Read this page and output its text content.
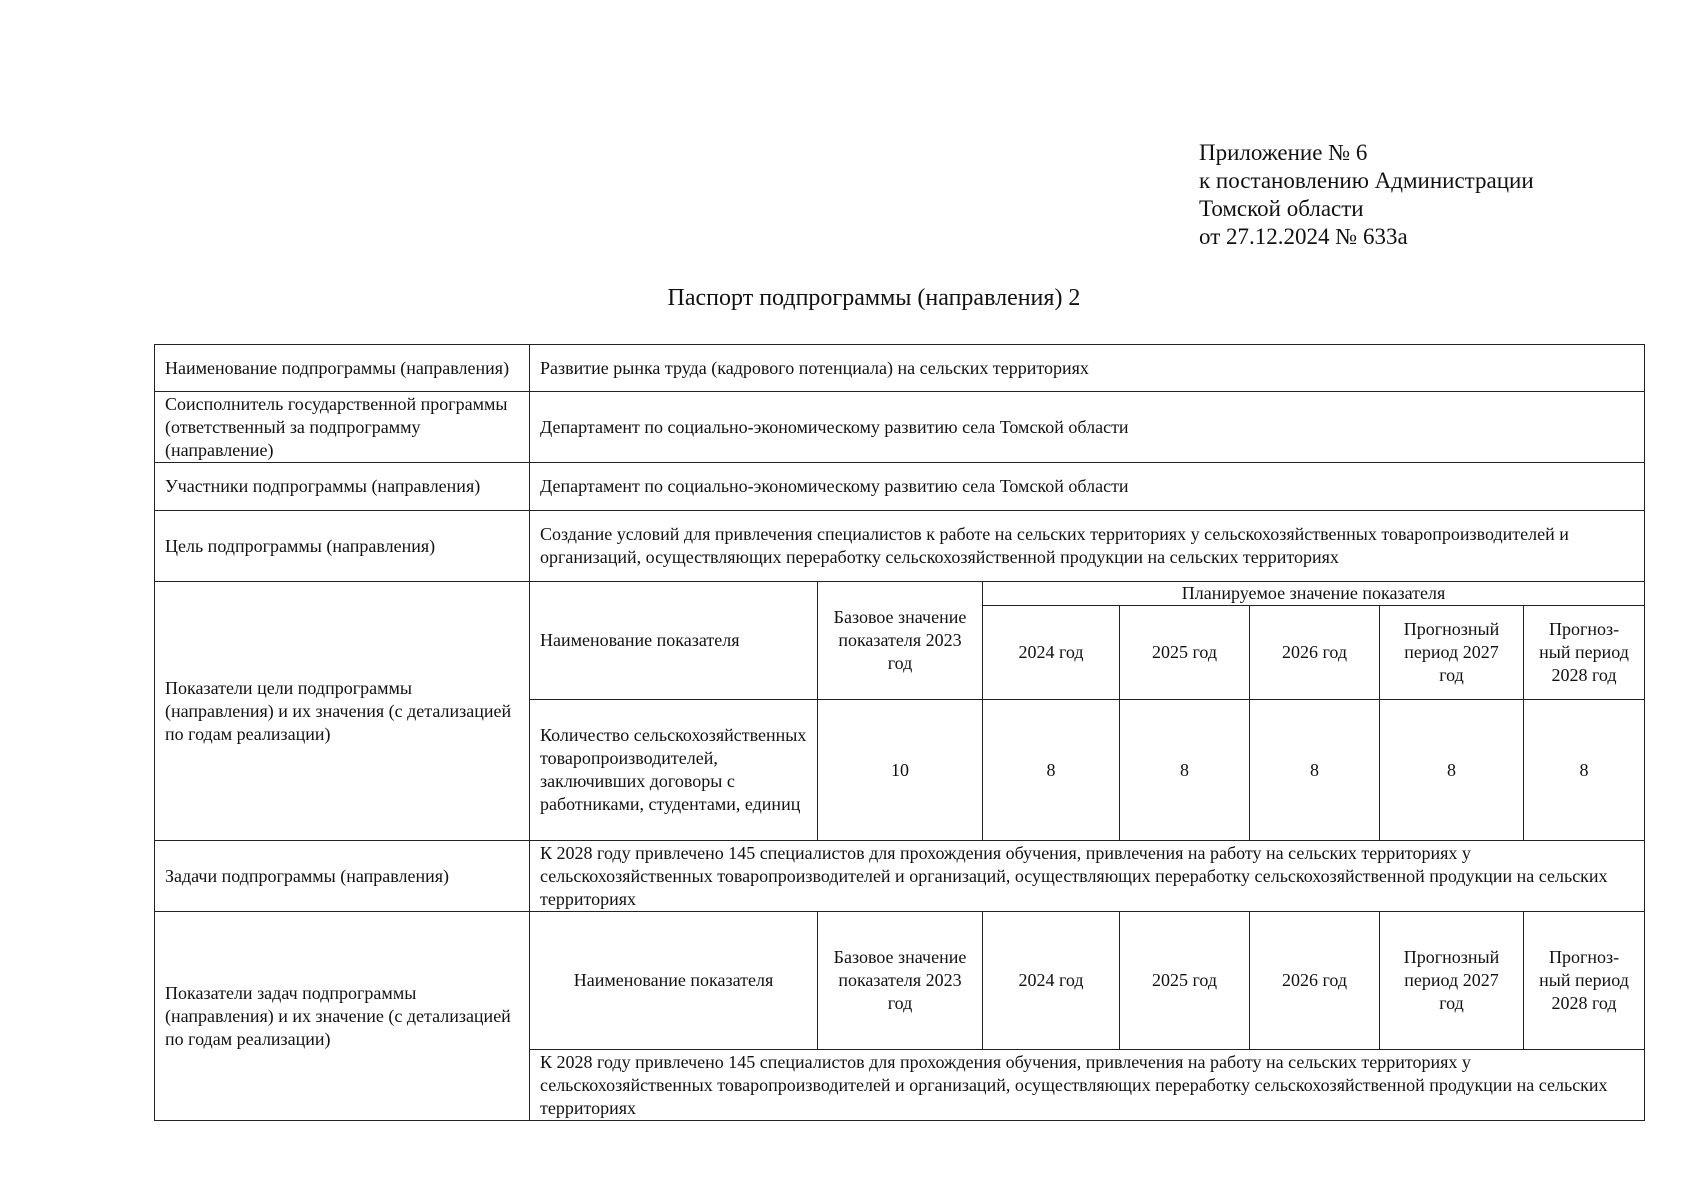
Приложение № 6
к постановлению Администрации
Томской области
от 27.12.2024 № 633а
Паспорт подпрограммы (направления) 2
Наименование подпрограммы (направления)	Развитие рынка труда (кадрового потенциала) на сельских территориях						
Соисполнитель государственной программы (ответственный за подпрограмму (направление)	Департамент по социально-экономическому развитию села Томской области						
Участники подпрограммы (направления)	Департамент по социально-экономическому развитию села Томской области						
Цель подпрограммы (направления)	Создание условий для привлечения специалистов к работе на сельских территориях у сельскохозяйственных товаропроизводителей и организаций, осуществляющих переработку сельскохозяйственной продукции на сельских территориях						
Показатели цели подпрограммы (направления) и их значения (с детализацией по годам реализации)	Наименование показателя	Базовое значение показателя 2023 год	Планируемое значение показателя				
			2024 год	2025 год	2026 год	Прогнозный период 2027 год	Прогноз-ный период 2028 год
	Количество сельскохозяйственных товаропроизводителей, заключивших договоры с работниками, студентами, единиц	10	8	8	8	8	8
Задачи подпрограммы (направления)	К 2028 году привлечено 145 специалистов для прохождения обучения, привлечения на работу на сельских территориях у сельскохозяйственных товаропроизводителей и организаций, осуществляющих переработку сельскохозяйственной продукции на сельских территориях						
Показатели задач подпрограммы (направления) и их значение (с детализацией по годам реализации)	Наименование показателя	Базовое значение показателя 2023 год	2024 год	2025 год	2026 год	Прогнозный период 2027 год	Прогноз-ный период 2028 год
	К 2028 году привлечено 145 специалистов для прохождения обучения, привлечения на работу на сельских территориях у сельскохозяйственных товаропроизводителей и организаций, осуществляющих переработку сельскохозяйственной продукции на сельских территориях						
